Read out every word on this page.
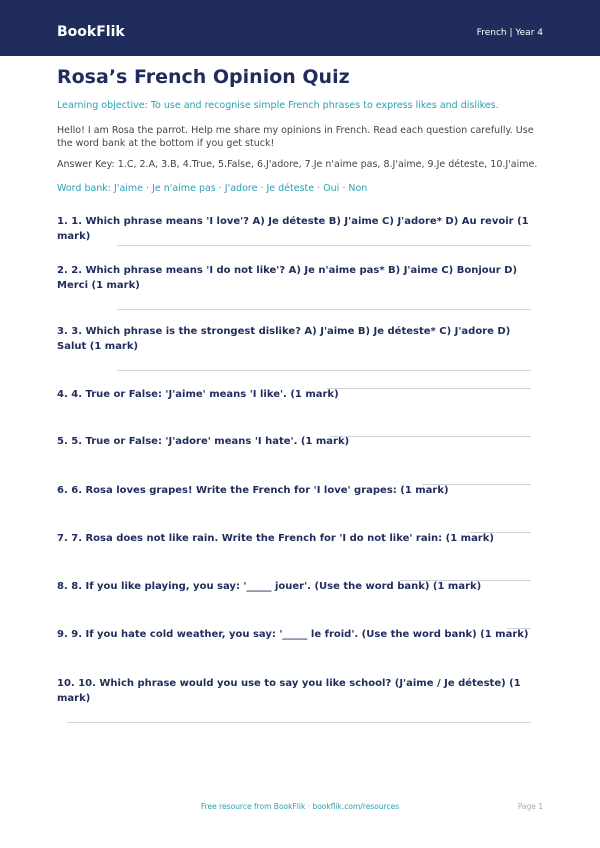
BookFlik	French | Year 4
Rosa’s French Opinion Quiz
Learning objective: To use and recognise simple French phrases to express likes and dislikes.
Hello! I am Rosa the parrot. Help me share my opinions in French. Read each question carefully. Use the word bank at the bottom if you get stuck!
Answer Key: 1.C, 2.A, 3.B, 4.True, 5.False, 6.J'adore, 7.Je n'aime pas, 8.J'aime, 9.Je déteste, 10.J'aime.
Word bank: J'aime · Je n'aime pas · J'adore · Je déteste · Oui · Non
1. 1. Which phrase means 'I love'? A) Je déteste B) J'aime C) J'adore* D) Au revoir (1 mark)
2. 2. Which phrase means 'I do not like'? A) Je n'aime pas* B) J'aime C) Bonjour D) Merci (1 mark)
3. 3. Which phrase is the strongest dislike? A) J'aime B) Je déteste* C) J'adore D) Salut (1 mark)
4. 4. True or False: 'J'aime' means 'I like'. (1 mark)
5. 5. True or False: 'J'adore' means 'I hate'. (1 mark)
6. 6. Rosa loves grapes! Write the French for 'I love' grapes: (1 mark)
7. 7. Rosa does not like rain. Write the French for 'I do not like' rain: (1 mark)
8. 8. If you like playing, you say: '_____ jouer'. (Use the word bank) (1 mark)
9. 9. If you hate cold weather, you say: '_____ le froid'. (Use the word bank) (1 mark)
10. 10. Which phrase would you use to say you like school? (J'aime / Je déteste) (1 mark)
Free resource from BookFlik · bookflik.com/resources	Page 1
